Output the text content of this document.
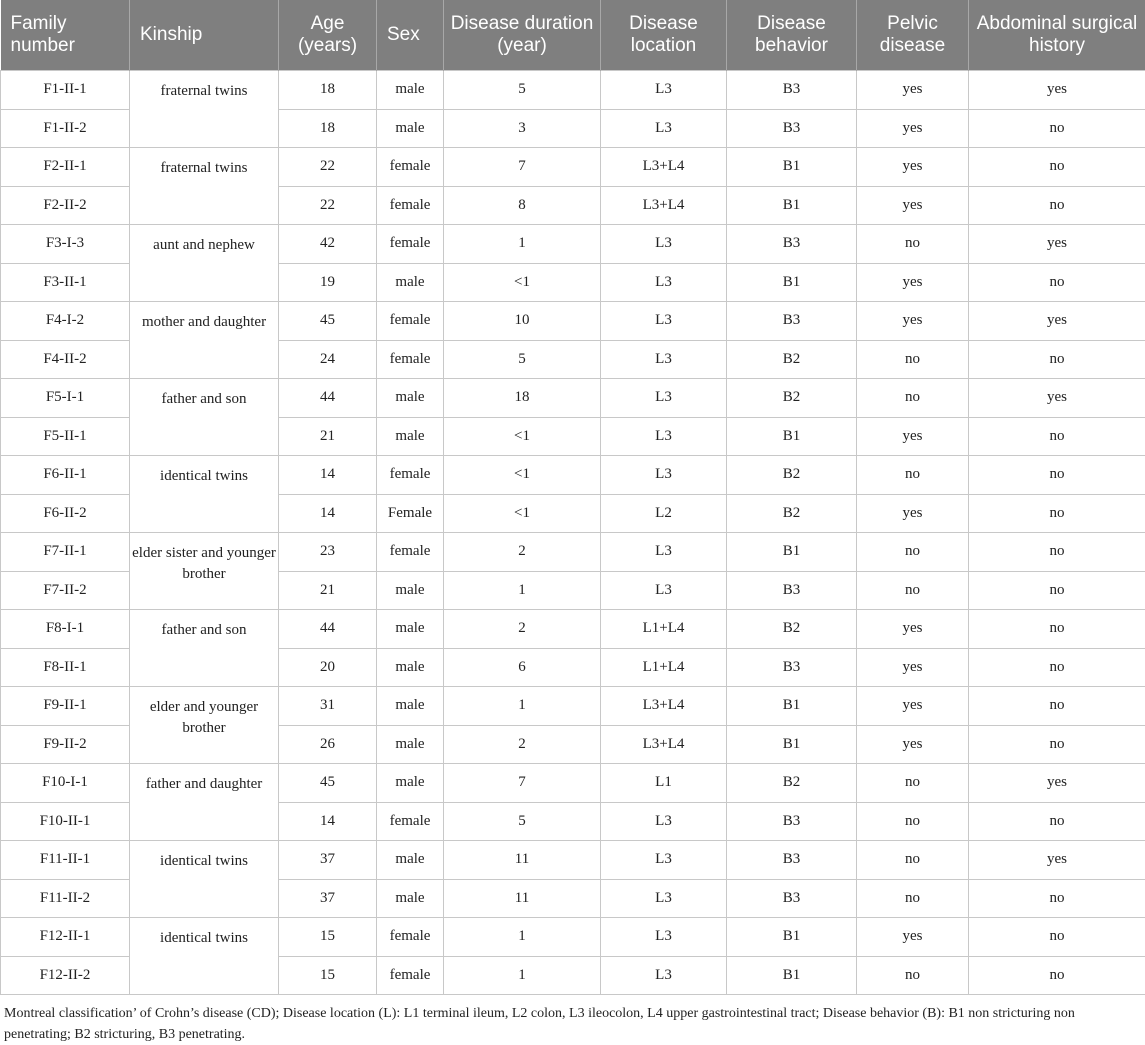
Family number	Kinship	Age (years)	Sex	Disease duration (year)	Disease location	Disease behavior	Pelvic disease	Abdominal surgical history
F1-II-1	fraternal twins	18	male	5	L3	B3	yes	yes
F1-II-2		18	male	3	L3	B3	yes	no
F2-II-1	fraternal twins	22	female	7	L3+L4	B1	yes	no
F2-II-2		22	female	8	L3+L4	B1	yes	no
F3-I-3	aunt and nephew	42	female	1	L3	B3	no	yes
F3-II-1		19	male	<1	L3	B1	yes	no
F4-I-2	mother and daughter	45	female	10	L3	B3	yes	yes
F4-II-2		24	female	5	L3	B2	no	no
F5-I-1	father and son	44	male	18	L3	B2	no	yes
F5-II-1		21	male	<1	L3	B1	yes	no
F6-II-1	identical twins	14	female	<1	L3	B2	no	no
F6-II-2		14	Female	<1	L2	B2	yes	no
F7-II-1	elder sister and younger brother	23	female	2	L3	B1	no	no
F7-II-2		21	male	1	L3	B3	no	no
F8-I-1	father and son	44	male	2	L1+L4	B2	yes	no
F8-II-1		20	male	6	L1+L4	B3	yes	no
F9-II-1	elder and younger brother	31	male	1	L3+L4	B1	yes	no
F9-II-2		26	male	2	L3+L4	B1	yes	no
F10-I-1	father and daughter	45	male	7	L1	B2	no	yes
F10-II-1		14	female	5	L3	B3	no	no
F11-II-1	identical twins	37	male	11	L3	B3	no	yes
F11-II-2		37	male	11	L3	B3	no	no
F12-II-1	identical twins	15	female	1	L3	B1	yes	no
F12-II-2		15	female	1	L3	B1	no	no
Montreal classification’ of Crohn’s disease (CD); Disease location (L): L1 terminal ileum, L2 colon, L3 ileocolon, L4 upper gastrointestinal tract; Disease behavior (B): B1 non stricturing non penetrating; B2 stricturing, B3 penetrating.
